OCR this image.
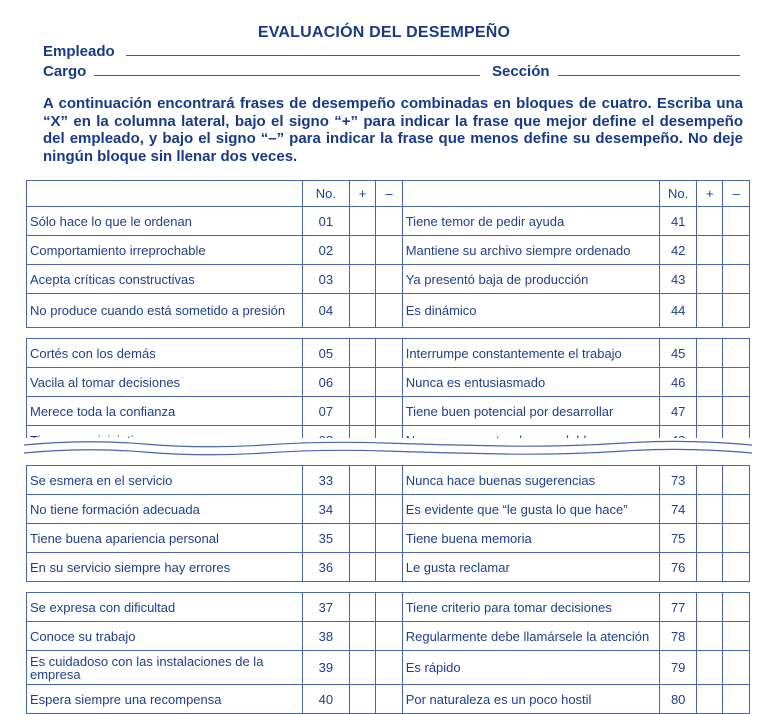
EVALUACIÓN DEL DESEMPEÑO
Empleado
Cargo	Sección
A continuación encontrará frases de desempeño combinadas en bloques de cuatro. Escriba una “X” en la columna lateral, bajo el signo “+” para indicar la frase que mejor define el desempeño del empleado, y bajo el signo “–” para indicar la frase que menos define su desempeño. No deje ningún bloque sin llenar dos veces.
	No.	+	–		No.	+	–
Sólo hace lo que le ordenan	01			Tiene temor de pedir ayuda	41		
Comportamiento irreprochable	02			Mantiene su archivo siempre ordenado	42		
Acepta críticas constructivas	03			Ya presentó baja de producción	43		
No produce cuando está sometido a presión	04			Es dinámico	44		

Cortés con los demás	05			Interrumpe constantemente el trabajo	45		
Vacila al tomar decisiones	06			Nunca es entusiasmado	46		
Merece toda la confianza	07			Tiene buen potencial por desarrollar	47		

Se esmera en el servicio	33			Nunca hace buenas sugerencias	73		
No tiene formación adecuada	34			Es evidente que “le gusta lo que hace”	74		
Tiene buena apariencia personal	35			Tiene buena memoria	75		
En su servicio siempre hay errores	36			Le gusta reclamar	76		

Se expresa con dificultad	37			Tiene criterio para tomar decisiones	77		
Conoce su trabajo	38			Regularmente debe llamársele la atención	78		
Es cuidadoso con las instalaciones de la empresa	39			Es rápido	79		
Espera siempre una recompensa	40			Por naturaleza es un poco hostil	80		
